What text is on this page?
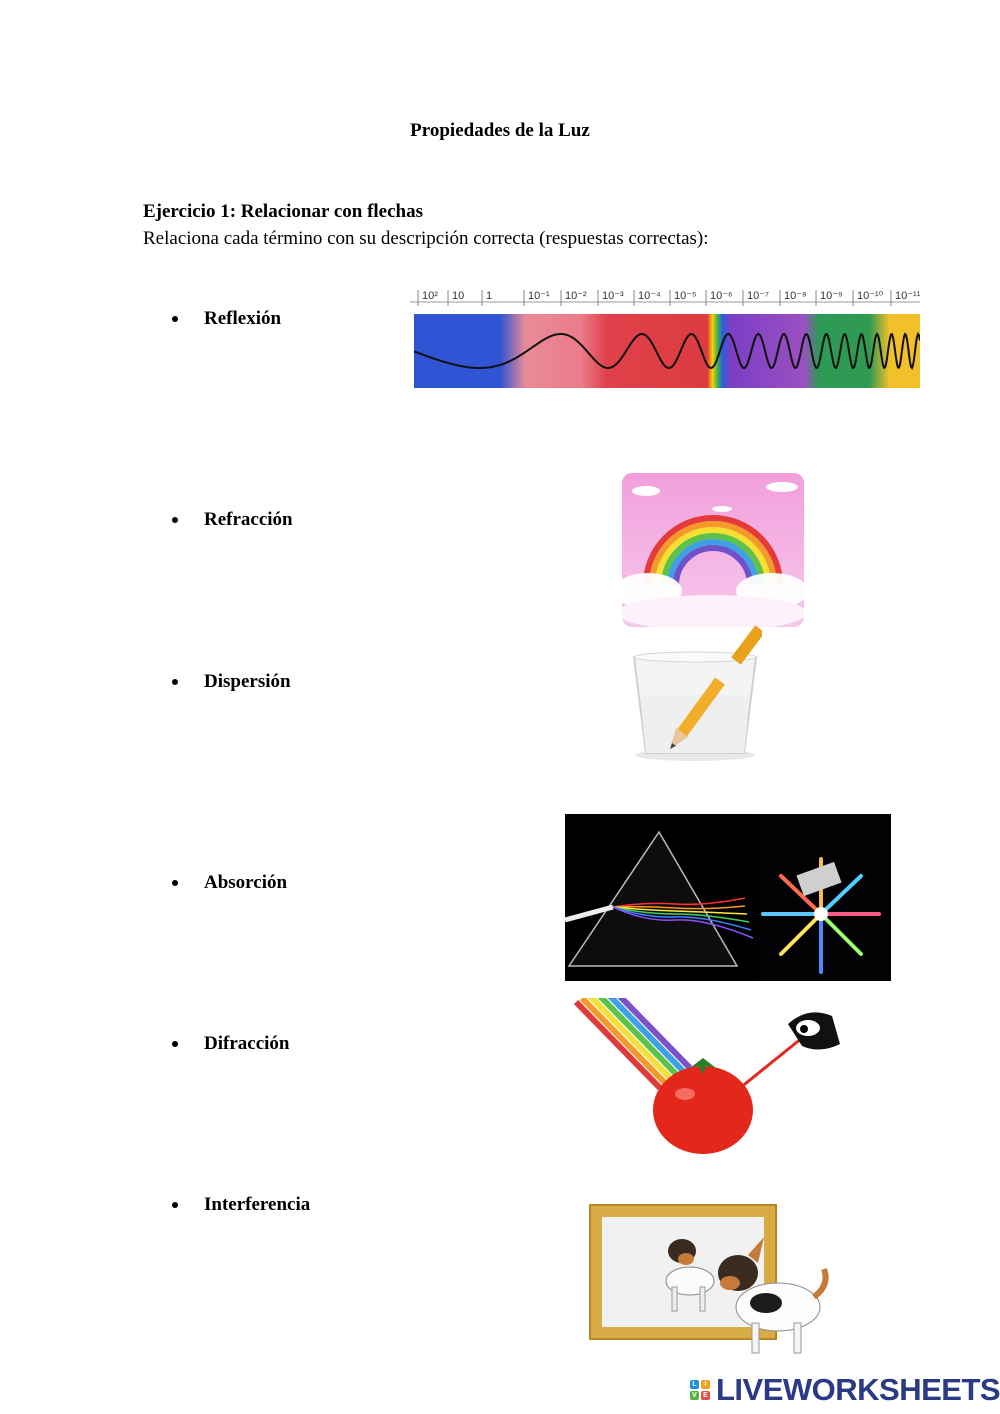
Propiedades de la Luz
Ejercicio 1: Relacionar con flechas
Relaciona cada término con su descripción correcta (respuestas correctas):
Reflexión
Refracción
Dispersión
Absorción
Difracción
Interferencia
10² 10 1	10⁻¹ 10⁻² 10⁻³ 10⁻⁴ 10⁻⁵ 10⁻⁶ 10⁻⁷ 10⁻⁸ 10⁻⁹ 10⁻¹⁰ 10⁻¹¹
L	I
V E LIVEWORKSHEETS
